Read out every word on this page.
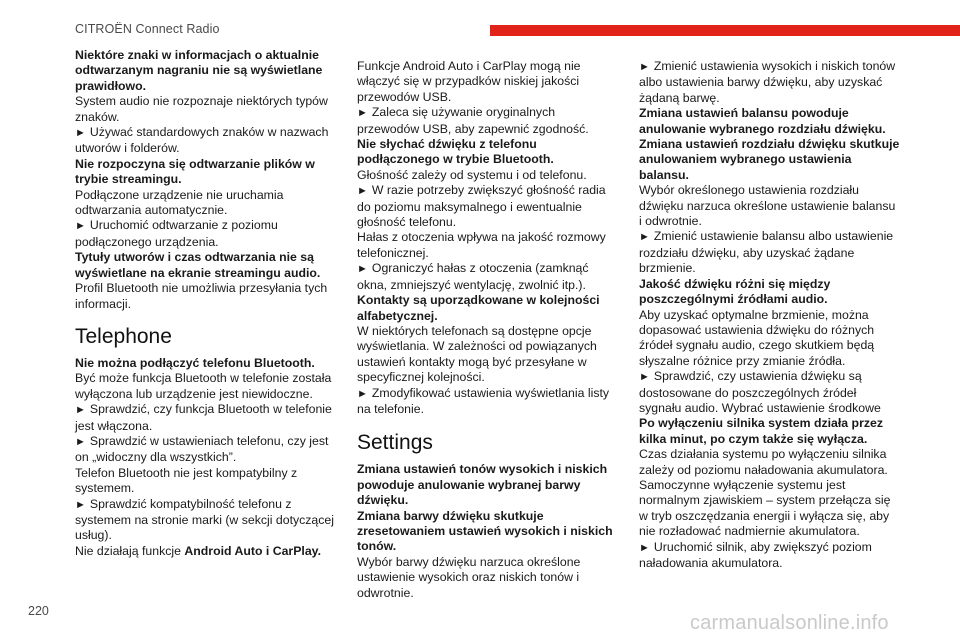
CITROËN Connect Radio

Niektóre znaki w informacjach o aktualnie odtwarzanym nagraniu nie są wyświetlane prawidłowo.

System audio nie rozpoznaje niektórych typów znaków.

► Używać standardowych znaków w nazwach utworów i folderów.

Nie rozpoczyna się odtwarzanie plików w trybie streamingu.

Podłączone urządzenie nie uruchamia odtwarzania automatycznie.

► Uruchomić odtwarzanie z poziomu podłączonego urządzenia.

Tytuły utworów i czas odtwarzania nie są wyświetlane na ekranie streamingu audio.

Profil Bluetooth nie umożliwia przesyłania tych informacji.

Telephone

Nie można podłączyć telefonu Bluetooth.

Być może funkcja Bluetooth w telefonie została wyłączona lub urządzenie jest niewidoczne.

► Sprawdzić, czy funkcja Bluetooth w telefonie jest włączona.

► Sprawdzić w ustawieniach telefonu, czy jest on „widoczny dla wszystkich”.

Telefon Bluetooth nie jest kompatybilny z systemem.

► Sprawdzić kompatybilność telefonu z systemem na stronie marki (w sekcji dotyczącej usług).

Nie działają funkcje Android Auto i CarPlay.

Funkcje Android Auto i CarPlay mogą nie włączyć się w przypadków niskiej jakości przewodów USB.

► Zaleca się używanie oryginalnych przewodów USB, aby zapewnić zgodność.

Nie słychać dźwięku z telefonu podłączonego w trybie Bluetooth.

Głośność zależy od systemu i od telefonu.

► W razie potrzeby zwiększyć głośność radia do poziomu maksymalnego i ewentualnie głośność telefonu.

Hałas z otoczenia wpływa na jakość rozmowy telefonicznej.

► Ograniczyć hałas z otoczenia (zamknąć okna, zmniejszyć wentylację, zwolnić itp.).

Kontakty są uporządkowane w kolejności alfabetycznej.

W niektórych telefonach są dostępne opcje wyświetlania. W zależności od powiązanych ustawień kontakty mogą być przesyłane w specyficznej kolejności.

► Zmodyfikować ustawienia wyświetlania listy na telefonie.

Settings

Zmiana ustawień tonów wysokich i niskich powoduje anulowanie wybranej barwy dźwięku.

Zmiana barwy dźwięku skutkuje zresetowaniem ustawień wysokich i niskich tonów.

Wybór barwy dźwięku narzuca określone ustawienie wysokich oraz niskich tonów i odwrotnie.

► Zmienić ustawienia wysokich i niskich tonów albo ustawienia barwy dźwięku, aby uzyskać żądaną barwę.

Zmiana ustawień balansu powoduje anulowanie wybranego rozdziału dźwięku.

Zmiana ustawień rozdziału dźwięku skutkuje anulowaniem wybranego ustawienia balansu.

Wybór określonego ustawienia rozdziału dźwięku narzuca określone ustawienie balansu i odwrotnie.

► Zmienić ustawienie balansu albo ustawienie rozdziału dźwięku, aby uzyskać żądane brzmienie.

Jakość dźwięku różni się między poszczególnymi źródłami audio.

Aby uzyskać optymalne brzmienie, można dopasować ustawienia dźwięku do różnych źródeł sygnału audio, czego skutkiem będą słyszalne różnice przy zmianie źródła.

► Sprawdzić, czy ustawienia dźwięku są dostosowane do poszczególnych źródeł sygnału audio. Wybrać ustawienie środkowe

Po wyłączeniu silnika system działa przez kilka minut, po czym także się wyłącza.

Czas działania systemu po wyłączeniu silnika zależy od poziomu naładowania akumulatora.

Samoczynne wyłączenie systemu jest normalnym zjawiskiem – system przełącza się w tryb oszczędzania energii i wyłącza się, aby nie rozładować nadmiernie akumulatora.

► Uruchomić silnik, aby zwiększyć poziom naładowania akumulatora.

220
carmanualsonline.info
